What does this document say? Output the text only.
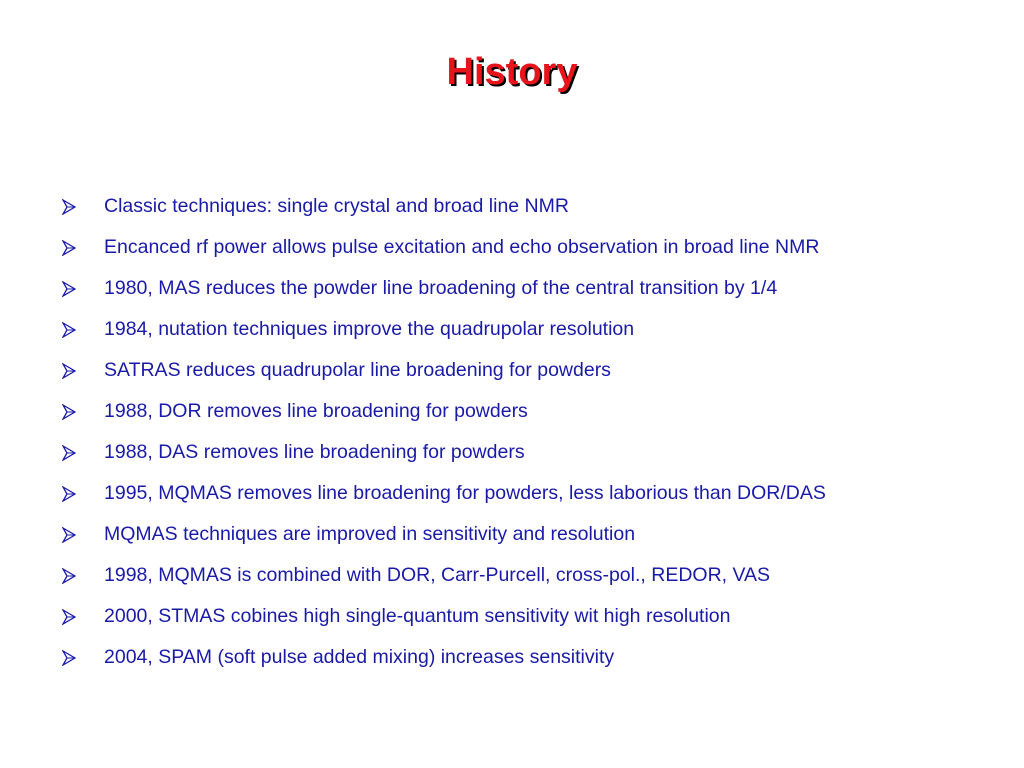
History
Classic techniques: single crystal and broad line NMR
Encanced rf power allows pulse excitation and echo observation in broad line NMR
1980, MAS reduces the powder line broadening of the central transition by 1/4
1984, nutation techniques improve the quadrupolar resolution
SATRAS reduces quadrupolar line broadening for powders
1988, DOR removes line broadening for powders
1988, DAS removes line broadening for powders
1995, MQMAS removes line broadening for powders, less laborious than DOR/DAS
MQMAS techniques are improved in sensitivity and resolution
1998, MQMAS is combined with DOR, Carr-Purcell, cross-pol., REDOR, VAS
2000, STMAS cobines high single-quantum sensitivity wit high resolution
2004, SPAM (soft pulse added mixing) increases sensitivity
